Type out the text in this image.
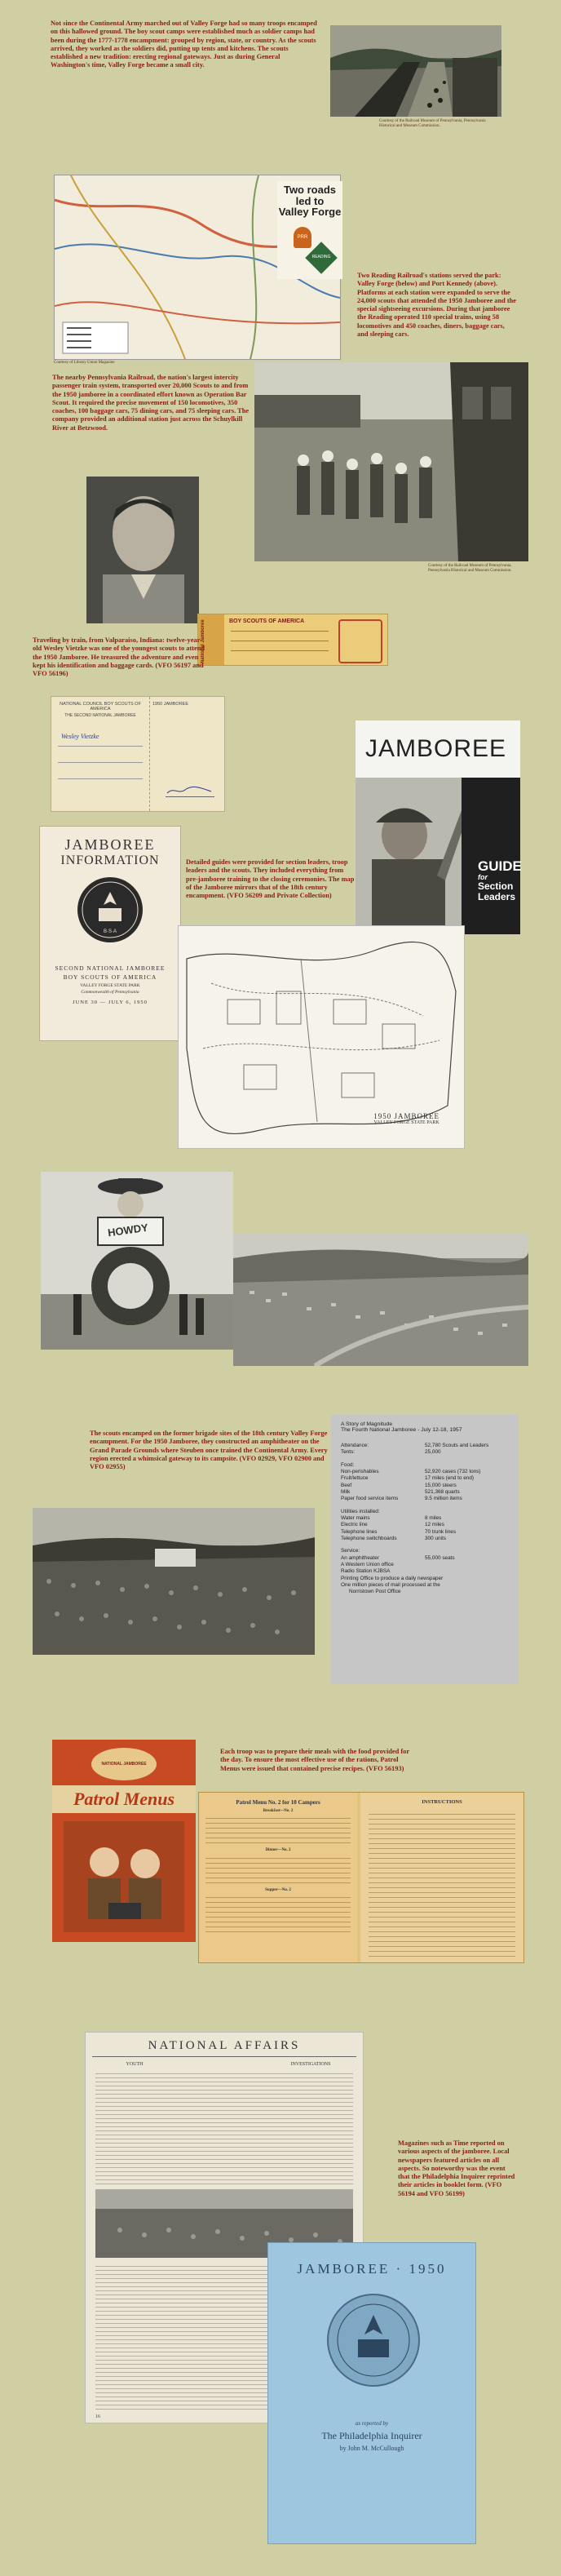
Not since the Continental Army marched out of Valley Forge had so many troops encamped on this hallowed ground. The boy scout camps were established much as soldier camps had been during the 1777-1778 encampment: grouped by region, state, or country. As the scouts arrived, they worked as the soldiers did, putting up tents and kitchens. The scouts established a new tradition: erecting regional gateways. Just as during General Washington's time, Valley Forge became a small city.
Courtesy of the Railroad Museum of Pennsylvania, Pennsylvania Historical and Museum Commission.
Two roads
led to
Valley Forge
PRR
READING
Courtesy of Library Union Magazine
Two Reading Railroad's stations served the park: Valley Forge (below) and Port Kennedy (above). Platforms at each station were expanded to serve the 24,000 scouts that attended the 1950 Jamboree and the special sightseeing excursions. During that jamboree the Reading operated 110 special trains, using 58 locomotives and 450 coaches, diners, baggage cars, and sleeping cars.
The nearby Pennsylvania Railroad, the nation's largest intercity passenger train system, transported over 20,000 Scouts to and from the 1950 jamboree in a coordinated effort known as Operation Bar Scout. It required the precise movement of 150 locomotives, 350 coaches, 100 baggage cars, 75 dining cars, and 75 sleeping cars. The company provided an additional station just across the Schuylkill River at Betzwood.
Courtesy of the Railroad Museum of Pennsylvania, Pennsylvania Historical and Museum Commission.
National Jamboree	BOY SCOUTS OF AMERICA
Traveling by train, from Valparaiso, Indiana: twelve-year-old Wesley Vietzke was one of the youngest scouts to attend the 1950 Jamboree. He treasured the adventure and even kept his identification and baggage cards. (VFO 56197 and VFO 56196)
NATIONAL COUNCIL BOY SCOUTS OF AMERICA
THE SECOND NATIONAL JAMBOREE
Wesley Vietzke
1950 JAMBOREE
JAMBOREE
GUIDE
for
Section
Leaders
JAMBOREE
INFORMATION
B·S·A
SECOND NATIONAL JAMBOREE
BOY SCOUTS OF AMERICA
VALLEY FORGE STATE PARK
Commonwealth of Pennsylvania
JUNE 30 — JULY 6, 1950
Detailed guides were provided for section leaders, troop leaders and the scouts. They included everything from pre-jamboree training to the closing ceremonies. The map of the Jamboree mirrors that of the 18th century encampment. (VFO 56209 and Private Collection)
1950 JAMBOREE
VALLEY FORGE STATE PARK
HOWDY
The scouts encamped on the former brigade sites of the 18th century Valley Forge encampment. For the 1950 Jamboree, they constructed an amphitheater on the Grand Parade Grounds where Steuben once trained the Continental Army. Every region erected a whimsical gateway to its campsite. (VFO 02929, VFO 02900 and VFO 02955)
A Story of Magnitude
The Fourth National Jamboree - July 12-18, 1957
Attendance:	52,780 Scouts and Leaders
Tents:	25,000

Food:	
Non-perishables	52,920 cases (732 tons)
Fruit/lettuce	17 miles (end to end)
Beef	15,000 steers
Milk	521,368 quarts
Paper food service items	9.5 million items

Utilities installed:	
Water mains	8 miles
Electric line	12 miles
Telephone lines	70 trunk lines
Telephone switchboards	300 units

Service:	
An amphitheater	55,000 seats
A Western Union office	
Radio Station KJBSA	
Printing Office to produce a daily newspaper	
One million pieces of mail processed at the	
Norristown Post Office	
NATIONAL JAMBOREE
Patrol Menus
Each troop was to prepare their meals with the food provided for the day. To ensure the most effective use of the rations, Patrol Menus were issued that contained precise recipes. (VFO 56193)
Patrol Menu No. 2 for 10 Campers
Breakfast—No. 2
Dinner—No. 2
Supper—No. 2
INSTRUCTIONS
NATIONAL AFFAIRS
YOUTH	INVESTIGATIONS
16
Magazines such as Time reported on various aspects of the jamboree. Local newspapers featured articles on all aspects. So noteworthy was the event that the Philadelphia Inquirer reprinted their articles in booklet form. (VFO 56194 and VFO 56199)
JAMBOREE · 1950
as reported by
The Philadelphia Inquirer
by John M. McCullough
